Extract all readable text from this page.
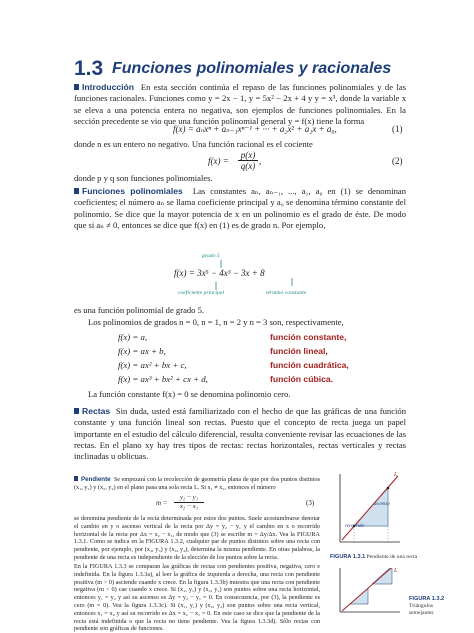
1.3 Funciones polinomiales y racionales
Introducción En esta sección continúa el repaso de las funciones polinomiales y de las funciones racionales. Funciones como y = 2x − 1, y = 5x² − 2x + 4 y y = x³, donde la variable x se eleva a una potencia entera no negativa, son ejemplos de funciones polinomiales. En la sección precedente se vio que una función polinomial general y = f(x) tiene la forma
f(x) = aₙxⁿ + aₙ₋₁xⁿ⁻¹ + ··· + a₂x² + a₁x + a₀,	(1)
donde n es un entero no negativo. Una función racional es el cociente
f(x) =
p(x)
q(x) ,	(2)
donde p y q son funciones polinomiales.
Funciones polinomiales Las constantes aₙ, aₙ₋₁, ..., a₁, a₀ en (1) se denominan coeficientes; el número aₙ se llama coeficiente principal y a₀ se denomina término constante del polinomio. Se dice que la mayor potencia de x en un polinomio es el grado de éste. De modo que si aₙ ≠ 0, entonces se dice que f(x) en (1) es de grado n. Por ejemplo,
grado 5
f(x) = 3x⁵ − 4x³ − 3x + 8
coeficiente principal	término constante
es una función polinomial de grado 5.
Los polinomios de grados n = 0, n = 1, n = 2 y n = 3 son, respectivamente,
f(x) = a,	función constante,
f(x) = ax + b,	función lineal,
f(x) = ax² + bx + c,	función cuadrática,
f(x) = ax³ + bx² + cx + d,	función cúbica.
La función constante f(x) = 0 se denomina polinomio cero.
Rectas Sin duda, usted está familiarizado con el hecho de que las gráficas de una función constante y una función lineal son rectas. Puesto que el concepto de recta juega un papel importante en el estudio del cálculo diferencial, resulta conveniente revisar las ecuaciones de las rectas. En el plano xy hay tres tipos de rectas: rectas horizontales, rectas verticales y rectas inclinadas u oblicuas.
Pendiente Se empezará con la recolección de geometría plana de que por dos puntos distintos (x₁, y₁) y (x₂, y₂) en el plano pasa una sola recta L. Si x₁ ≠ x₂, entonces el número
m =
y₂ − y₁
x₂ − x₁	(3)
se denomina pendiente de la recta determinada por estos dos puntos. Suele acostumbrarse denotar el cambio en y o ascenso vertical de la recta por Δy = y₂ − y₁ y el cambio en x o recorrido horizontal de la recta por Δx = x₂ − x₁, de modo que (3) se escribe m = Δy/Δx. Vea la FIGURA 1.3.1. Como se indica en la FIGURA 1.3.2, cualquier par de puntos distintos sobre una recta con pendiente, por ejemplo, por (x₃, y₃) y (x₄, y₄), determina la misma pendiente. En otras palabras, la pendiente de una recta es independiente de la elección de los puntos sobre la recta.
En la FIGURA 1.3.3 se comparan las gráficas de rectas con pendientes positiva, negativa, cero e indefinida. En la figura 1.3.3a), al leer la gráfica de izquierda a derecha, una recta con pendiente positiva (m > 0) asciende cuando x crece. En la figura 1.3.3b) muestra que una recta con pendiente negativa (m < 0) cae cuando x crece. Si (x₁, y₁) y (x₂, y₂) son puntos sobre una recta horizontal, entonces y₁ = y₂ y así su ascenso es Δy = y₂ − y₁ = 0. En consecuencia, por (3), la pendiente es cero (m = 0). Vea la figura 1.3.3c). Si (x₁, y₁) y (x₂, y₂) son puntos sobre una recta vertical, entonces x₁ = x₂ y así su recorrido es Δx = x₂ − x₁ = 0. En este caso se dice que la pendiente de la recta está indefinida o que la recta no tiene pendiente. Vea la figura 1.3.3d). Sólo rectas con pendiente son gráficas de funciones.
ascenso
recorrido
L
FIGURA 1.3.1 Pendiente de una recta
L
FIGURA 1.3.2 Triángulos semejantes
